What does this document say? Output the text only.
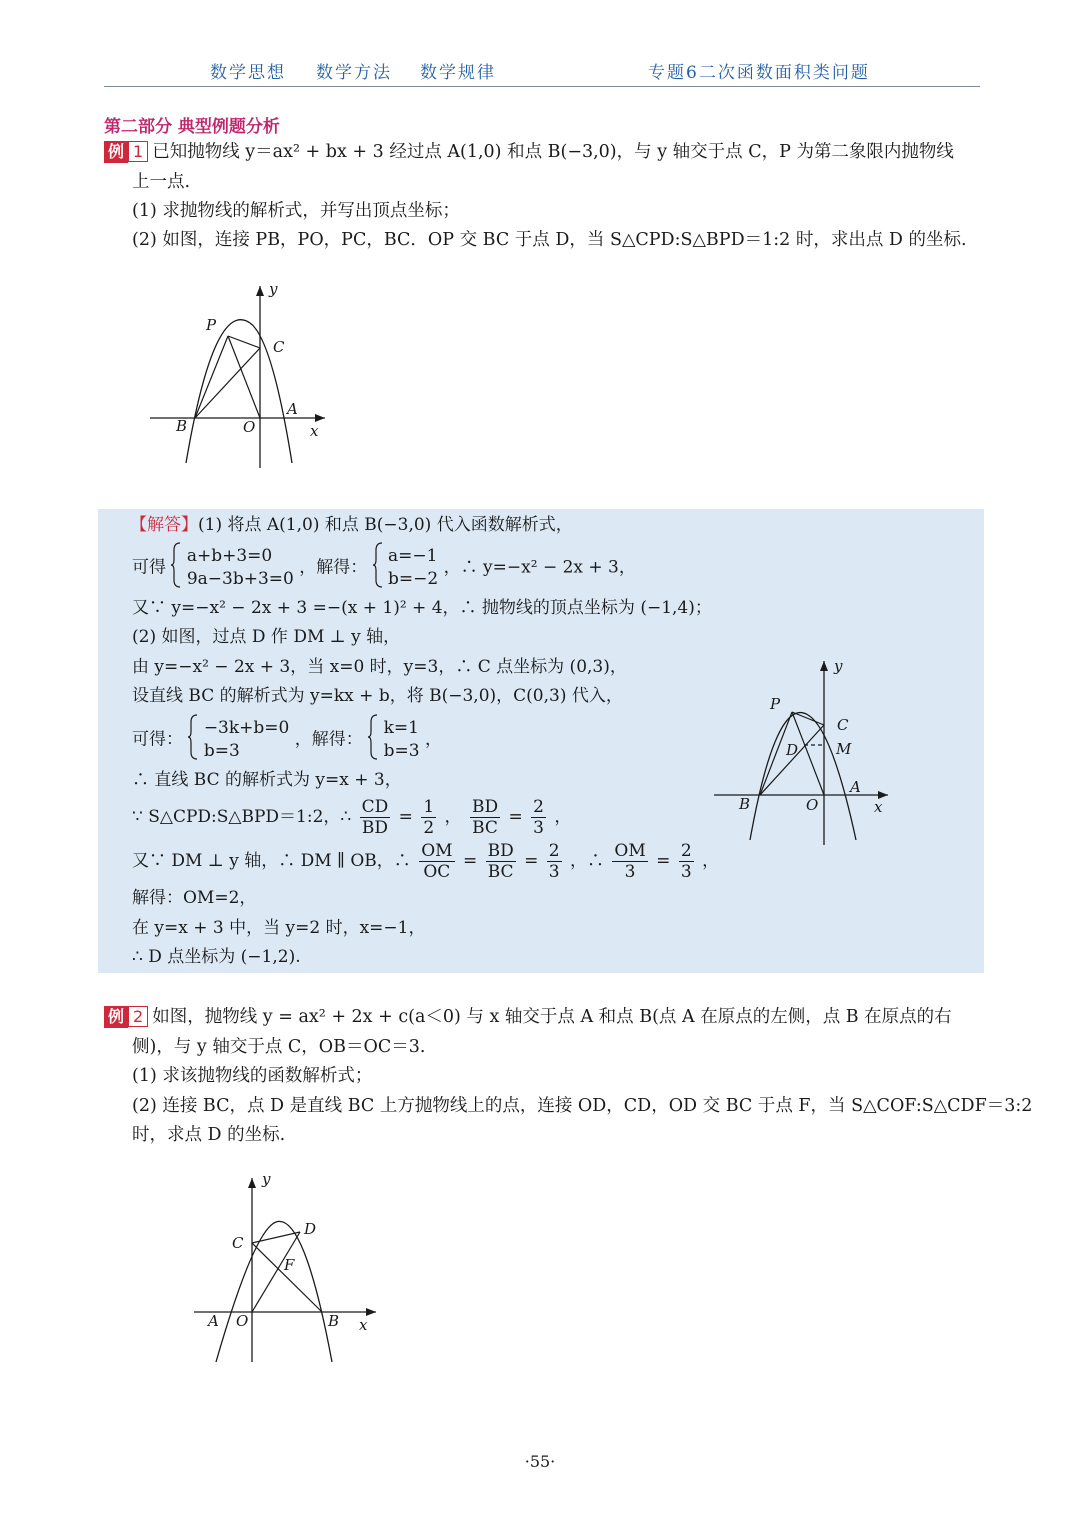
数学思想 数学方法 数学规律	专题6二次函数面积类问题
第二部分 典型例题分析
例 1 已知抛物线 y＝ax² + bx + 3 经过点 A(1,0) 和点 B(−3,0)，与 y 轴交于点 C，P 为第二象限内抛物线
上一点.
(1) 求抛物线的解析式，并写出顶点坐标；
(2) 如图，连接 PB，PO，PC，BC．OP 交 BC 于点 D，当 S△CPD:S△BPD＝1:2 时，求出点 D 的坐标.
y
P
C
A
B	O	x
【解答】(1) 将点 A(1,0) 和点 B(−3,0) 代入函数解析式，
可得
a+b+3=0
9a−3b+3=0
，解得：
a=−1
b=−2
，∴ y=−x² − 2x + 3，
又∵ y=−x² − 2x + 3 =−(x + 1)² + 4，∴ 抛物线的顶点坐标为 (−1,4)；
(2) 如图，过点 D 作 DM ⊥ y 轴，
由 y=−x² − 2x + 3，当 x=0 时，y=3，∴ C 点坐标为 (0,3)，
设直线 BC 的解析式为 y=kx + b，将 B(−3,0)，C(0,3) 代入，
可得：
−3k+b=0
b=3
，解得：
k=1
b=3
，
∴ 直线 BC 的解析式为 y=x + 3，
∵ S△CPD:S△BPD＝1:2，∴ $\frac{CD}{BD} = \frac{1}{2}$ ， $\frac{BD}{BC} = \frac{2}{3}$ ，
又∵ DM ⊥ y 轴，∴ DM ∥ OB，∴ $\frac{OM}{OC} = \frac{BD}{BC} = \frac{2}{3}$ ，∴ $\frac{OM}{3} = \frac{2}{3}$ ，
解得：OM=2，
在 y=x + 3 中，当 y=2 时，x=−1，
∴ D 点坐标为 (−1,2).
y
P
C
D	M
A
B	O	x
例 2 如图，抛物线 y = ax² + 2x + c(a＜0) 与 x 轴交于点 A 和点 B(点 A 在原点的左侧，点 B 在原点的右
侧)，与 y 轴交于点 C，OB＝OC＝3.
(1) 求该抛物线的函数解析式；
(2) 连接 BC，点 D 是直线 BC 上方抛物线上的点，连接 OD，CD，OD 交 BC 于点 F，当 S△COF:S△CDF＝3:2
时，求点 D 的坐标.
y
C
D
F
A O	B x
·55·
